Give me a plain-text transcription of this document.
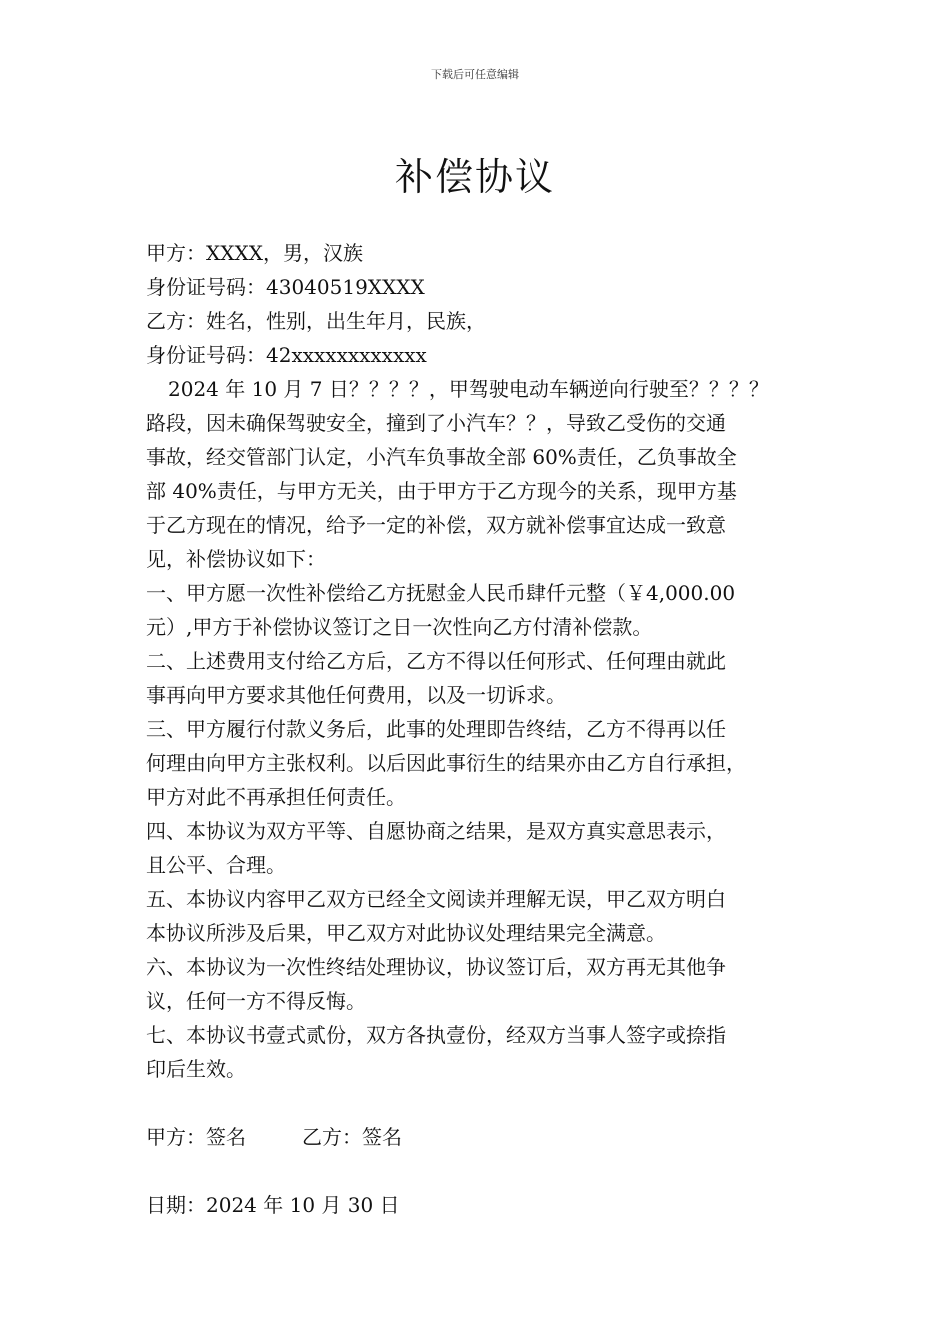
下载后可任意编辑
补偿协议
甲方：XXXX，男，汉族
身份证号码：43040519XXXX
乙方：姓名，性别，出生年月，民族，
身份证号码：42xxxxxxxxxxxx
2024 年 10 月 7 日？？？？，甲驾驶电动车辆逆向行驶至？？？？
路段，因未确保驾驶安全，撞到了小汽车？？，导致乙受伤的交通
事故，经交管部门认定，小汽车负事故全部 60%责任，乙负事故全
部 40%责任，与甲方无关，由于甲方于乙方现今的关系，现甲方基
于乙方现在的情况，给予一定的补偿，双方就补偿事宜达成一致意
见，补偿协议如下：
一、甲方愿一次性补偿给乙方抚慰金人民币肆仟元整（￥4,000.00
元）,甲方于补偿协议签订之日一次性向乙方付清补偿款。
二、上述费用支付给乙方后，乙方不得以任何形式、任何理由就此
事再向甲方要求其他任何费用，以及一切诉求。
三、甲方履行付款义务后，此事的处理即告终结，乙方不得再以任
何理由向甲方主张权利。以后因此事衍生的结果亦由乙方自行承担，
甲方对此不再承担任何责任。
四、本协议为双方平等、自愿协商之结果，是双方真实意思表示，
且公平、合理。
五、本协议内容甲乙双方已经全文阅读并理解无误，甲乙双方明白
本协议所涉及后果，甲乙双方对此协议处理结果完全满意。
六、本协议为一次性终结处理协议，协议签订后，双方再无其他争
议，任何一方不得反悔。
七、本协议书壹式贰份，双方各执壹份，经双方当事人签字或捺指
印后生效。
甲方：签名	乙方：签名
日期：2024 年 10 月 30 日
